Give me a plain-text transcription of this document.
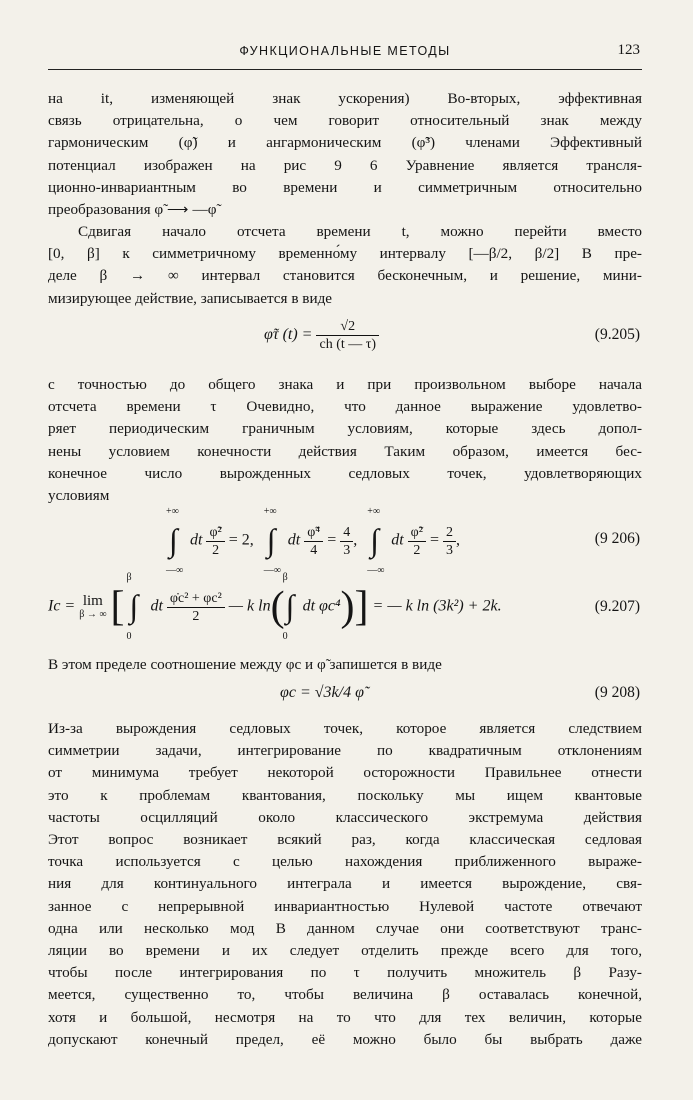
ФУНКЦИОНАЛЬНЫЕ МЕТОДЫ	123
на it, изменяющей знак ускорения) Во-вторых, эффективная
связь отрицательна, о чем говорит относительный знак между
гармоническим (φ̃) и ангармоническим (φ̃³) членами Эффективный
потенциал изображен на рис 9 6 Уравнение является трансля-
ционно-инвариантным во времени и симметричным относительно
преобразования φ̃ ⟶ —φ̃
Сдвигая начало отсчета времени t, можно перейти вместо
[0, β] к симметричному временно́му интервалу [—β/2, β/2] В пре-
деле β → ∞ интервал становится бесконечным, и решение, мини-
мизирующее действие, записывается в виде
φ̃τ $(t) = \frac{√2}{ch (t — \tau)}$	(9.205)
с точностью до общего знака и при произвольном выборе начала
отсчета времени τ Очевидно, что данное выражение удовлетво-
ряет периодическим граничным условиям, которые здесь допол-
нены условием конечности действия Таким образом, имеется бес-
конечное число вырожденных седловых точек, удовлетворяющих
условиям
+∞
∫
—∞
dt $\frac{\text{φ̃²}}{2} = 2$,
+∞
∫
—∞
dt $\frac{\text{φ̃⁴}}{4} = \frac{4}{3}$ ,
+∞
∫
—∞
dt $\frac{\text{φ̃²}}{2} = \frac{2}{3}$ ,	(9 206)
Ic = lim
β → ∞ [
β
∫
0
dt $\frac{\text{φ̇c² + φc²}}{2}$ — k ln(
β
∫
0
dt φc⁴)] = — k ln (3k²) + 2k.	(9.207)
В этом пределе соотношение между φc и φ̃ запишется в виде
φc = √3k/4 φ̃	(9 208)
Из-за вырождения седловых точек, которое является следствием
симметрии задачи, интегрирование по квадратичным отклонениям
от минимума требует некоторой осторожности Правильнее отнести
это к проблемам квантования, поскольку мы ищем квантовые
частоты осцилляций около классического экстремума действия
Этот вопрос возникает всякий раз, когда классическая седловая
точка используется с целью нахождения приближенного выраже-
ния для континуального интеграла и имеется вырождение, свя-
занное с непрерывной инвариантностью Нулевой частоте отвечают
одна или несколько мод В данном случае они соответствуют транс-
ляции во времени и их следует отделить прежде всего для того,
чтобы после интегрирования по τ получить множитель β Разу-
меется, существенно то, чтобы величина β оставалась конечной,
хотя и большой, несмотря на то что для тех величин, которые
допускают конечный предел, её можно было бы выбрать даже
